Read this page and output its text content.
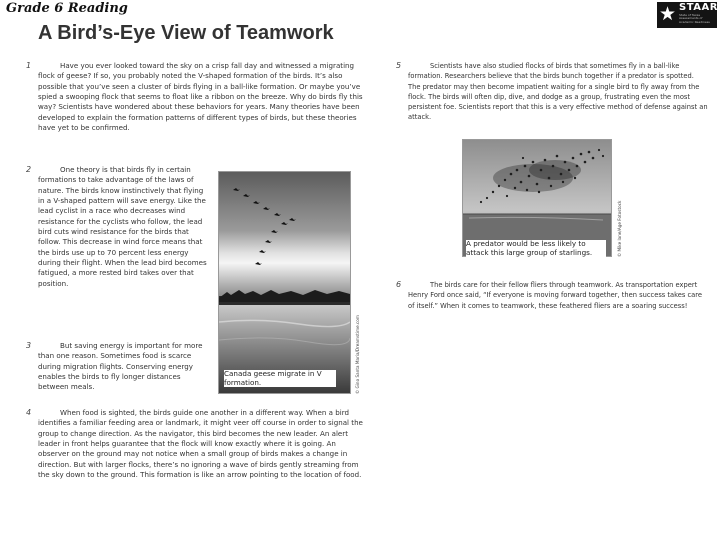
Grade 6 Reading	★ STAAR
State of Texas Assessments of Academic Readiness
A Bird’s-Eye View of Teamwork
1	Have you ever looked toward the sky on a crisp fall day and witnessed a migrating flock of geese? If so, you probably noted the V-shaped formation of the birds. It’s also possible that you’ve seen a cluster of birds flying in a ball-like formation. Or maybe you’ve spied a swooping flock that seems to float like a ribbon on the breeze. Why do birds fly this way? Scientists have wondered about these behaviors for years. Many theories have been developed to explain the formation patterns of different types of birds, but these theories have yet to be confirmed.
2	One theory is that birds fly in certain formations to take advantage of the laws of nature. The birds know instinctively that flying in a V-shaped pattern will save energy. Like the lead cyclist in a race who decreases wind resistance for the cyclists who follow, the lead bird cuts wind resistance for the birds that follow. This decrease in wind force means that the birds use up to 70 percent less energy during their flight. When the lead bird becomes fatigued, a more rested bird takes over that position.
3	But saving energy is important for more than one reason. Sometimes food is scarce during migration flights. Conserving energy enables the birds to fly longer distances between meals.
4	When food is sighted, the birds guide one another in a different way. When a bird identifies a familiar feeding area or landmark, it might veer off course in order to signal the group to change direction. As the navigator, this bird becomes the new leader. An alert leader in front helps guarantee that the flock will know exactly where it is going. An observer on the ground may not notice when a small group of birds makes a change in direction. But with larger flocks, there’s no ignoring a wave of birds gently streaming from the sky down to the ground. This formation is like an arrow pointing to the location of food.
5	Scientists have also studied flocks of birds that sometimes fly in a ball-like formation. Researchers believe that the birds bunch together if a predator is spotted. The predator may then become impatient waiting for a single bird to fly away from the flock. The birds will often dip, dive, and dodge as a group, frustrating even the most persistent foe. Scientists report that this is a very effective method of defense against an attack.
6	The birds care for their fellow fliers through teamwork. As transportation expert Henry Ford once said, “If everyone is moving forward together, then success takes care of itself.” When it comes to teamwork, these feathered fliers are a soaring success!
Canada geese migrate in V formation.	© Gino Santa Maria/Dreamstime.com
A predator would be less likely to attack this large group of starlings.	© Mike lane/Age Fotostock
